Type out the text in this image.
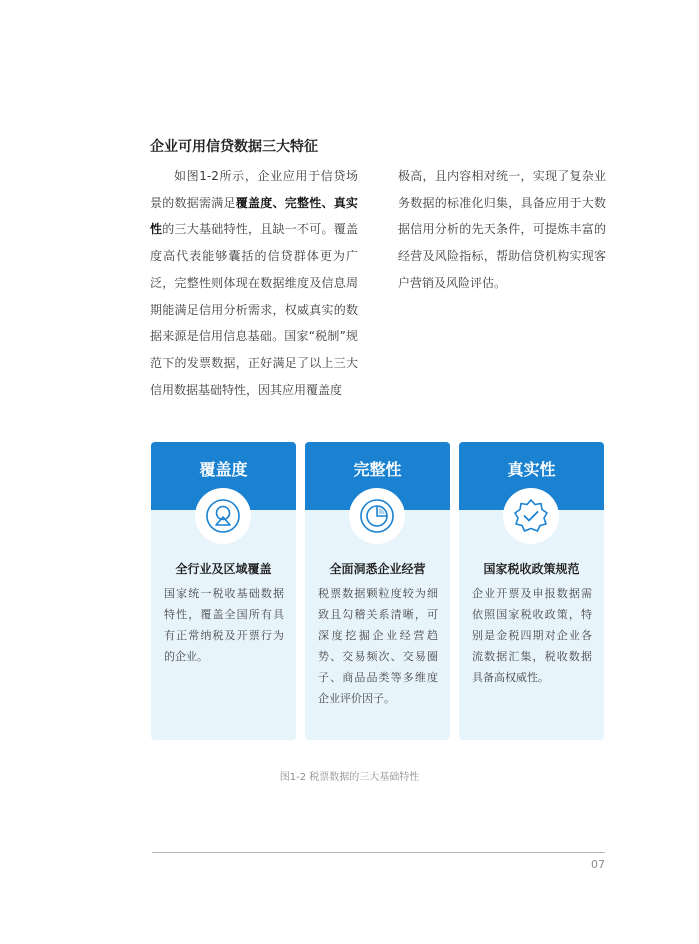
企业可用信贷数据三大特征

如图1-2所示，企业应用于信贷场景的数据需满足覆盖度、完整性、真实性的三大基础特性，且缺一不可。覆盖度高代表能够囊括的信贷群体更为广泛，完整性则体现在数据维度及信息周期能满足信用分析需求，权威真实的数据来源是信用信息基础。国家“税制”规范下的发票数据，正好满足了以上三大信用数据基础特性，因其应用覆盖度

极高，且内容相对统一，实现了复杂业务数据的标准化归集，具备应用于大数据信用分析的先天条件，可提炼丰富的经营及风险指标，帮助信贷机构实现客户营销及风险评估。

覆盖度
全行业及区域覆盖

国家统一税收基础数据特性，覆盖全国所有具有正常纳税及开票行为的企业。

完整性
全面洞悉企业经营

税票数据颗粒度较为细致且勾稽关系清晰，可深度挖掘企业经营趋势、交易频次、交易圈子、商品品类等多维度企业评价因子。

真实性
国家税收政策规范

企业开票及申报数据需依照国家税收政策，特别是金税四期对企业各流数据汇集，税收数据具备高权威性。

图1-2 税票数据的三大基础特性
07
